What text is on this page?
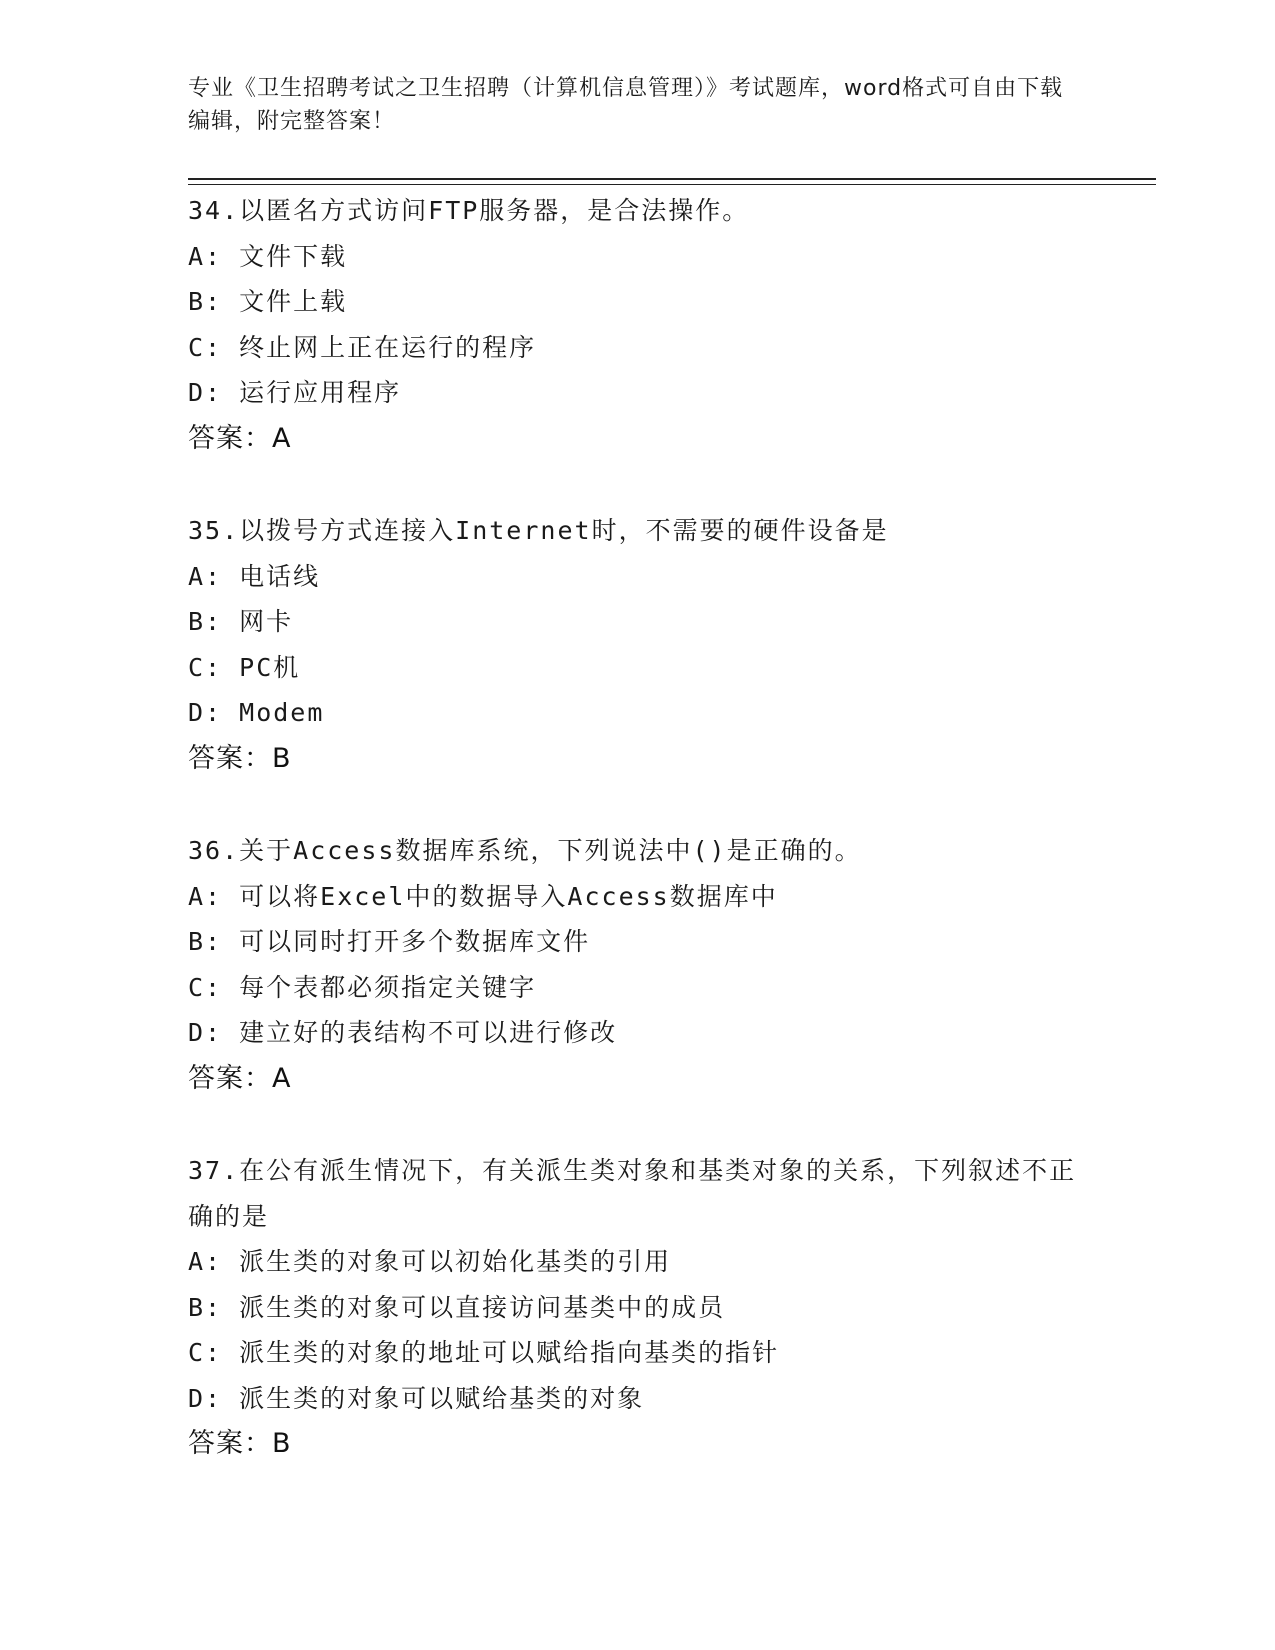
专业《卫生招聘考试之卫生招聘（计算机信息管理）》考试题库，word格式可自由下载编辑，附完整答案！

34.以匿名方式访问FTP服务器，是合法操作。

A: 文件下载

B: 文件上载

C: 终止网上正在运行的程序

D: 运行应用程序

答案：A

35.以拨号方式连接入Internet时，不需要的硬件设备是

A: 电话线

B: 网卡

C: PC机

D: Modem

答案：B

36.关于Access数据库系统，下列说法中()是正确的。

A: 可以将Excel中的数据导入Access数据库中

B: 可以同时打开多个数据库文件

C: 每个表都必须指定关键字

D: 建立好的表结构不可以进行修改

答案：A

37.在公有派生情况下，有关派生类对象和基类对象的关系，下列叙述不正确的是

A: 派生类的对象可以初始化基类的引用

B: 派生类的对象可以直接访问基类中的成员

C: 派生类的对象的地址可以赋给指向基类的指针

D: 派生类的对象可以赋给基类的对象

答案：B
